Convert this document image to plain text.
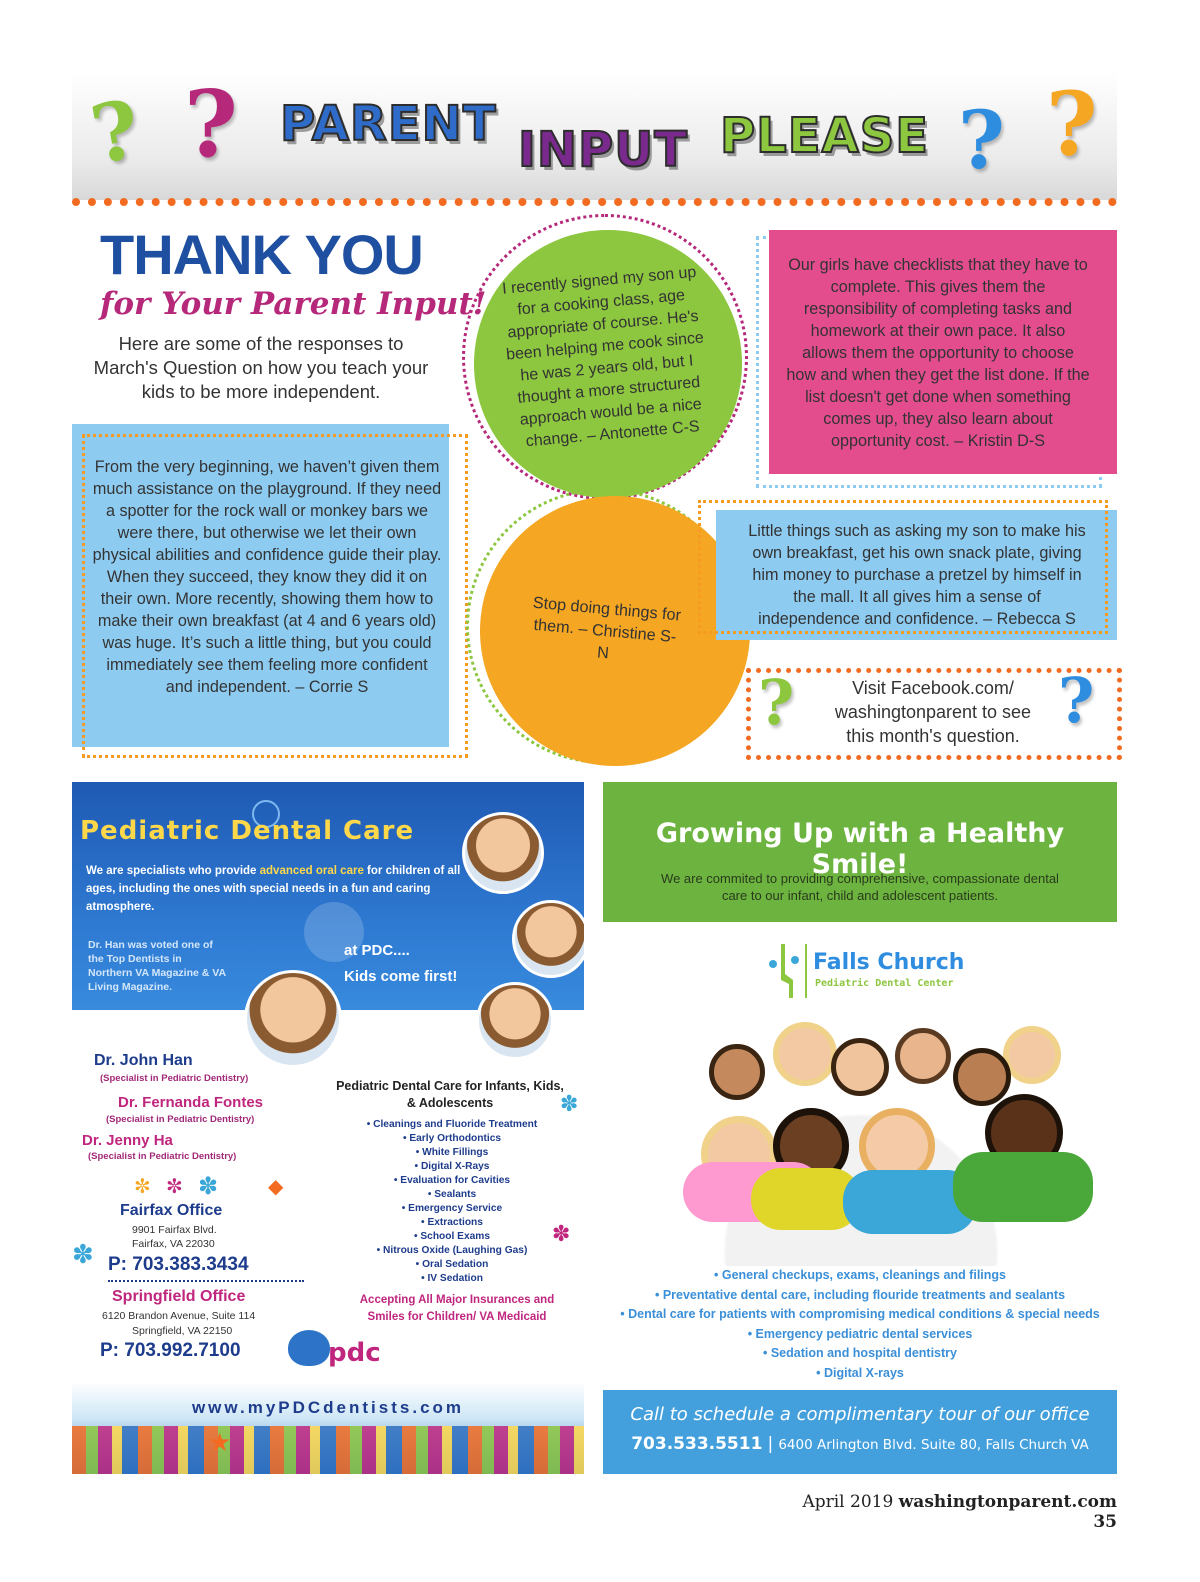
? ? PARENT INPUT PLEASE ? ?
THANK YOU
for Your Parent Input!
Here are some of the responses to March's Question on how you teach your kids to be more independent.
From the very beginning, we haven’t given them much assistance on the playground. If they need a spotter for the rock wall or monkey bars we were there, but otherwise we let their own physical abilities and confidence guide their play. When they succeed, they know they did it on their own. More recently, showing them how to make their own breakfast (at 4 and 6 years old) was huge. It’s such a little thing, but you could immediately see them feeling more confident and independent. – Corrie S
I recently signed my son up for a cooking class, age appropriate of course. He's been helping me cook since he was 2 years old, but I thought a more structured approach would be a nice change. – Antonette C-S
Our girls have checklists that they have to complete. This gives them the responsibility of completing tasks and homework at their own pace. It also allows them the opportunity to choose how and when they get the list done. If the list doesn't get done when something comes up, they also learn about opportunity cost. – Kristin D-S
Stop doing things for them. – Christine S-N
Little things such as asking my son to make his own breakfast, get his own snack plate, giving him money to purchase a pretzel by himself in the mall. It all gives him a sense of independence and confidence. – Rebecca S
?	?
Visit Facebook.com/ washingtonparent to see this month's question.
Pediatric Dental Care
We are specialists who provide advanced oral care for children of all ages, including the ones with special needs in a fun and caring atmosphere.
Dr. Han was voted one of the Top Dentists in Northern VA Magazine & VA Living Magazine.
at PDC....
Kids come first!
Dr. John Han
(Specialist in Pediatric Dentistry)
Dr. Fernanda Fontes
(Specialist in Pediatric Dentistry)
Dr. Jenny Ha
(Specialist in Pediatric Dentistry)
✼ ✼ ✽ ◆
✽
✽
✽
Fairfax Office
9901 Fairfax Blvd.
Fairfax, VA 22030
P: 703.383.3434
Springfield Office
6120 Brandon Avenue, Suite 114
Springfield, VA 22150
P: 703.992.7100
Pediatric Dental Care for Infants, Kids, & Adolescents
• Cleanings and Fluoride Treatment
• Early Orthodontics
• White Fillings
• Digital X-Rays
• Evaluation for Cavities
• Sealants
• Emergency Service
• Extractions
• School Exams
• Nitrous Oxide (Laughing Gas)
• Oral Sedation
• IV Sedation
Accepting All Major Insurances and Smiles for Children/ VA Medicaid
pdc
★
www.myPDCdentists.com
Growing Up with a Healthy Smile!
We are commited to providing comprehensive, compassionate dental care to our infant, child and adolescent patients.
Falls Church
Pediatric Dental Center
• General checkups, exams, cleanings and filings
• Preventative dental care, including flouride treatments and sealants
• Dental care for patients with compromising medical conditions & special needs
• Emergency pediatric dental services
• Sedation and hospital dentistry
• Digital X-rays
Call to schedule a complimentary tour of our office
703.533.5511 | 6400 Arlington Blvd. Suite 80, Falls Church VA
April 2019 washingtonparent.com 35
